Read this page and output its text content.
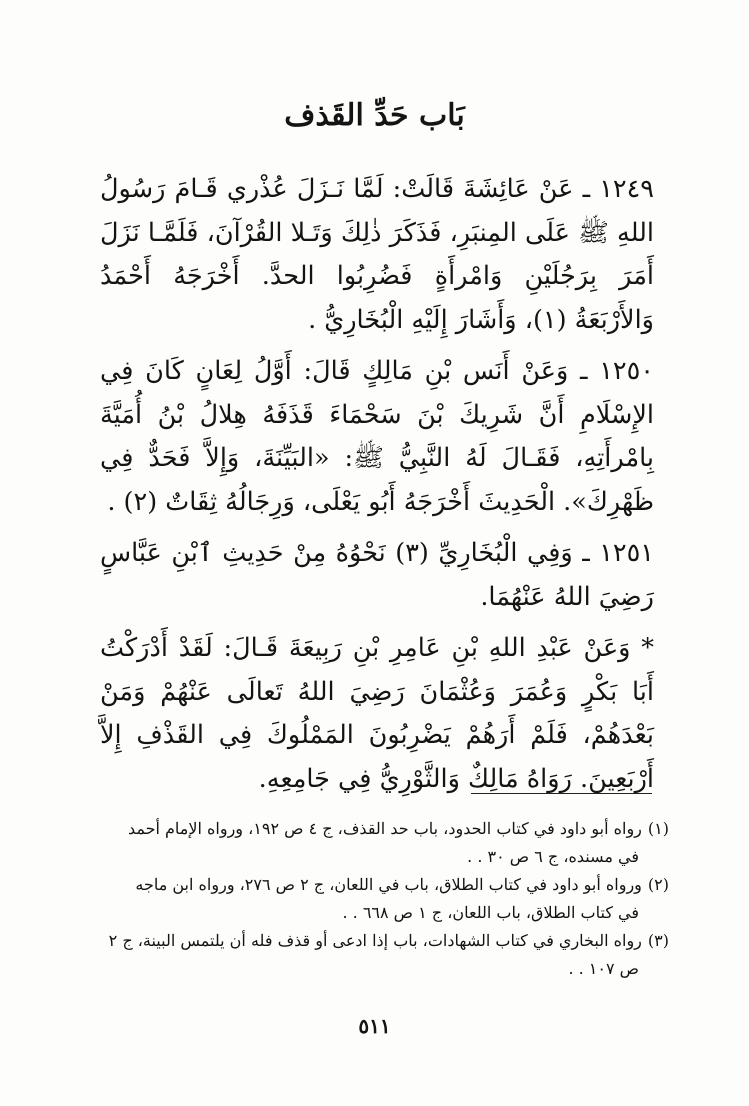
بَاب حَدِّ القَذف

١٢٤٩ ـ عَنْ عَائِشَةَ قَالَتْ: لَمَّا نَـزَلَ عُذْري قَـامَ رَسُولُ اللهِ ﷺ عَلَى المِنبَرِ، فَذَكَرَ ذٰلِكَ وَتَـلا القُرْآنَ، فَلَمَّـا نَزَلَ أَمَرَ بِرَجُلَيْنِ وَامْرأَةٍ فَضُرِبُوا الحدَّ. أَخْرَجَهُ أَحْمَدُ وَالأَرْبَعَةُ (١)، وَأَشَارَ إِلَيْهِ الْبُخَارِيُّ .

١٢٥٠ ـ وَعَنْ أَنَس بْنِ مَالِكٍ قَالَ: أَوَّلُ لِعَانٍ كَانَ فِي الإِسْلَامِ أَنَّ شَرِيكَ بْنَ سَحْمَاءَ قَذَفَهُ هِلالُ بْنُ أُمَيَّةَ بِامْرأَتِهِ، فَقَـالَ لَهُ النَّبِيُّ ﷺ: «البَيِّنَةَ، وَإِلاَّ فَحَدٌّ فِي ظَهْرِكَ». الْحَدِيثَ أَخْرَجَهُ أَبُو يَعْلَى، وَرِجَالُهُ ثِقَاتٌ (٢) .

١٢٥١ ـ وَفِي الْبُخَارِيِّ (٣) نَحْوُهُ مِنْ حَدِيثِ ٱبْنِ عَبَّاسٍ رَضِيَ اللهُ عَنْهُمَا.

* وَعَنْ عَبْدِ اللهِ بْنِ عَامِرِ بْنِ رَبِيعَةَ قَـالَ: لَقَدْ أَدْرَكْتُ أَبَا بَكْرٍ وَعُمَرَ وَعُثْمَانَ رَضِيَ اللهُ تَعالَى عَنْهُمْ وَمَنْ بَعْدَهُمْ، فَلَمْ أَرَهُمْ يَضْرِبُونَ المَمْلُوكَ فِي القَذْفِ إِلاَّ أَرْبَعِينَ. رَوَاهُ مَالِكٌ وَالثَّوْرِيُّ فِي جَامِعِهِ.

(١)
رواه أبو داود في كتاب الحدود، باب حد القذف، ج ٤ ص ١٩٢، ورواه الإمام أحمد
في مسنده، ج ٦ ص ٣٠ . .
(٢)
ورواه أبو داود في كتاب الطلاق، باب في اللعان، ج ٢ ص ٢٧٦، ورواه ابن ماجه
في كتاب الطلاق، باب اللعان، ج ١ ص ٦٦٨ . .
(٣)
رواه البخاري في كتاب الشهادات، باب إذا ادعى أو قذف فله أن يلتمس البينة، ج ٢
ص ١٠٧ . .
٥١١
